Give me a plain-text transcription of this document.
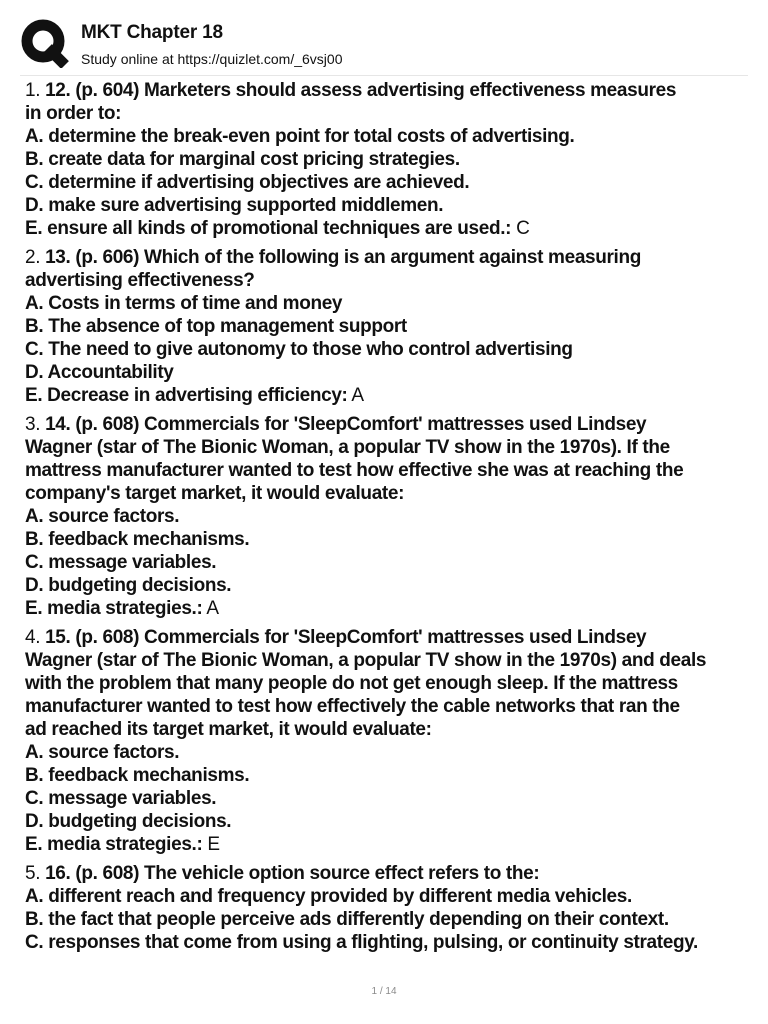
MKT Chapter 18
Study online at https://quizlet.com/_6vsj00
1. 12. (p. 604) Marketers should assess advertising effectiveness measures
in order to:
A. determine the break-even point for total costs of advertising.
B. create data for marginal cost pricing strategies.
C. determine if advertising objectives are achieved.
D. make sure advertising supported middlemen.
E. ensure all kinds of promotional techniques are used.: C
2. 13. (p. 606) Which of the following is an argument against measuring
advertising effectiveness?
A. Costs in terms of time and money
B. The absence of top management support
C. The need to give autonomy to those who control advertising
D. Accountability
E. Decrease in advertising efficiency: A
3. 14. (p. 608) Commercials for 'SleepComfort' mattresses used Lindsey
Wagner (star of The Bionic Woman, a popular TV show in the 1970s). If the
mattress manufacturer wanted to test how effective she was at reaching the
company's target market, it would evaluate:
A. source factors.
B. feedback mechanisms.
C. message variables.
D. budgeting decisions.
E. media strategies.: A
4. 15. (p. 608) Commercials for 'SleepComfort' mattresses used Lindsey
Wagner (star of The Bionic Woman, a popular TV show in the 1970s) and deals
with the problem that many people do not get enough sleep. If the mattress
manufacturer wanted to test how effectively the cable networks that ran the
ad reached its target market, it would evaluate:
A. source factors.
B. feedback mechanisms.
C. message variables.
D. budgeting decisions.
E. media strategies.: E
5. 16. (p. 608) The vehicle option source effect refers to the:
A. different reach and frequency provided by different media vehicles.
B. the fact that people perceive ads differently depending on their context.
C. responses that come from using a flighting, pulsing, or continuity strategy.
1 / 14
